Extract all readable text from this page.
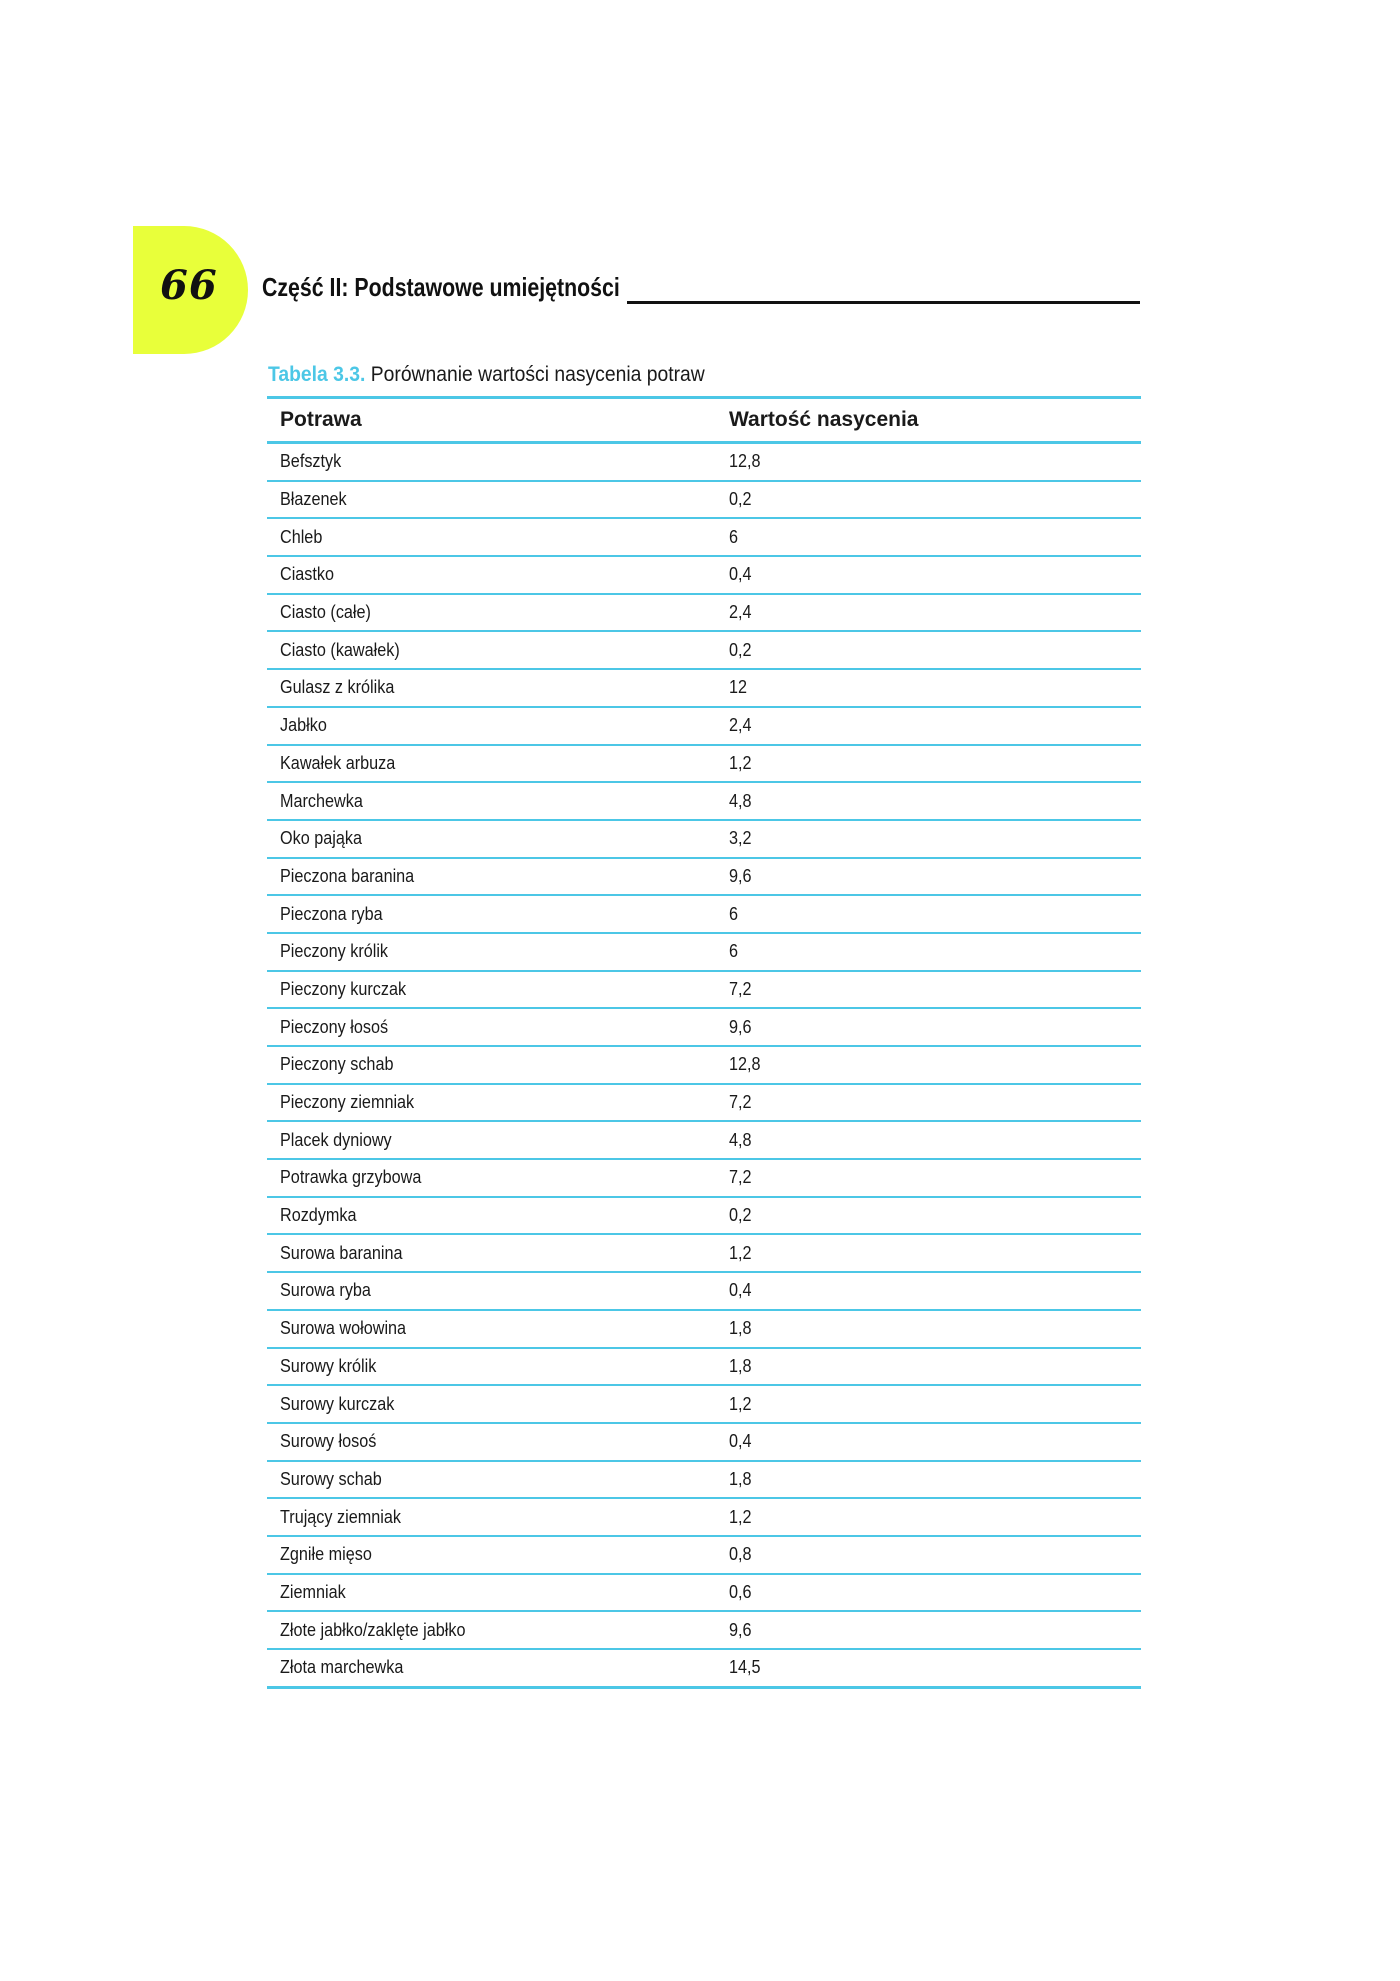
66 Część II: Podstawowe umiejętności
Tabela 3.3. Porównanie wartości nasycenia potraw
Potrawa	Wartość nasycenia
Befsztyk	12,8
Błazenek	0,2
Chleb	6
Ciastko	0,4
Ciasto (całe)	2,4
Ciasto (kawałek)	0,2
Gulasz z królika	12
Jabłko	2,4
Kawałek arbuza	1,2
Marchewka	4,8
Oko pająka	3,2
Pieczona baranina	9,6
Pieczona ryba	6
Pieczony królik	6
Pieczony kurczak	7,2
Pieczony łosoś	9,6
Pieczony schab	12,8
Pieczony ziemniak	7,2
Placek dyniowy	4,8
Potrawka grzybowa	7,2
Rozdymka	0,2
Surowa baranina	1,2
Surowa ryba	0,4
Surowa wołowina	1,8
Surowy królik	1,8
Surowy kurczak	1,2
Surowy łosoś	0,4
Surowy schab	1,8
Trujący ziemniak	1,2
Zgniłe mięso	0,8
Ziemniak	0,6
Złote jabłko/zaklęte jabłko	9,6
Złota marchewka	14,5
